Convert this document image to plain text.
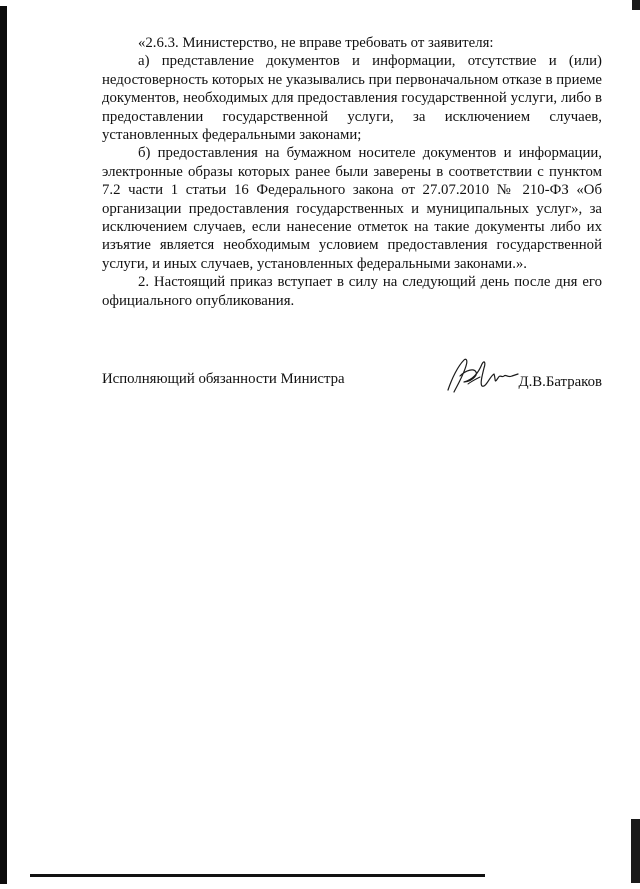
«2.6.3. Министерство, не вправе требовать от заявителя:

а) представление документов и информации, отсутствие и (или) недостоверность которых не указывались при первоначальном отказе в приеме документов, необходимых для предоставления государственной услуги, либо в предоставлении государственной услуги, за исключением случаев, установленных федеральными законами;

б) предоставления на бумажном носителе документов и информации, электронные образы которых ранее были заверены в соответствии с пунктом 7.2 части 1 статьи 16 Федерального закона от 27.07.2010 № 210-ФЗ «Об организации предоставления государственных и муниципальных услуг», за исключением случаев, если нанесение отметок на такие документы либо их изъятие является необходимым условием предоставления государственной услуги, и иных случаев, установленных федеральными законами.».

2. Настоящий приказ вступает в силу на следующий день после дня его официального опубликования.

Исполняющий обязанности Министра	Д.В.Батраков
